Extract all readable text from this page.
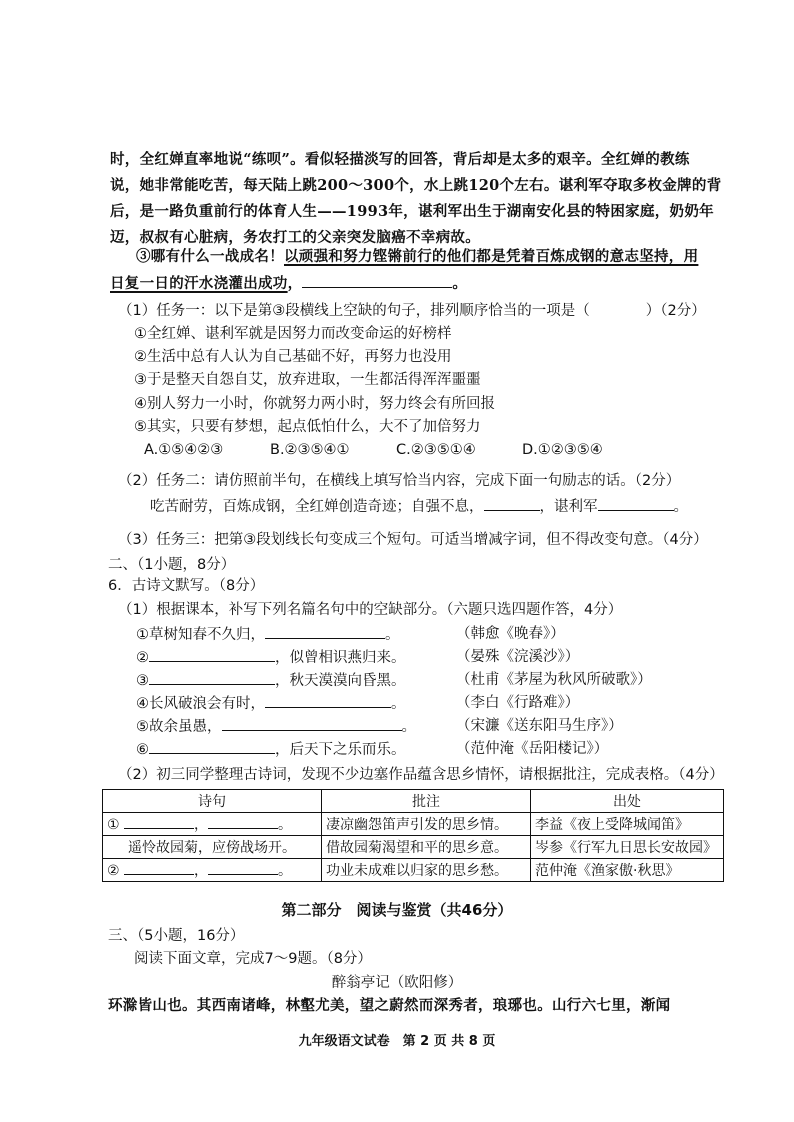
时，全红婵直率地说“练呗”。看似轻描淡写的回答，背后却是太多的艰辛。全红婵的教练
说，她非常能吃苦，每天陆上跳200～300个，水上跳120个左右。谌利军夺取多枚金牌的背
后，是一路负重前行的体育人生——1993年，谌利军出生于湖南安化县的特困家庭，奶奶年
迈，叔叔有心脏病，务农打工的父亲突发脑癌不幸病故。
③哪有什么一战成名！以顽强和努力铿锵前行的他们都是凭着百炼成钢的意志坚持，用
日复一日的汗水浇灌出成功，	。
（1）任务一：以下是第③段横线上空缺的句子，排列顺序恰当的一项是（	）（2分）
①全红婵、谌利军就是因努力而改变命运的好榜样
②生活中总有人认为自己基础不好，再努力也没用
③于是整天自怨自艾，放弃进取，一生都活得浑浑噩噩
④别人努力一小时，你就努力两小时，努力终会有所回报
⑤其实，只要有梦想，起点低怕什么，大不了加倍努力
A.①⑤④②③	B.②③⑤④①	C.②③⑤①④	D.①②③⑤④
（2）任务二：请仿照前半句，在横线上填写恰当内容，完成下面一句励志的话。（2分）
吃苦耐劳，百炼成钢，全红婵创造奇迹；自强不息，	，谌利军	。
（3）任务三：把第③段划线长句变成三个短句。可适当增减字词，但不得改变句意。（4分）
二、（1小题，8分）
6．古诗文默写。（8分）
（1）根据课本，补写下列名篇名句中的空缺部分。（六题只选四题作答，4分）
①草树知春不久归，	。	（韩愈《晚春》）
②	，似曾相识燕归来。	（晏殊《浣溪沙》）
③	，秋天漠漠向昏黑。	（杜甫《茅屋为秋风所破歌》）
④长风破浪会有时，	。	（李白《行路难》）
⑤故余虽愚，	。	（宋濂《送东阳马生序》）
⑥	，后天下之乐而乐。	（范仲淹《岳阳楼记》）
（2）初三同学整理古诗词，发现不少边塞作品蕴含思乡情怀，请根据批注，完成表格。（4分）
诗句	批注	出处
① ， 。	凄凉幽怨笛声引发的思乡情。	李益《夜上受降城闻笛》
遥怜故园菊，应傍战场开。	借故园菊渴望和平的思乡意。	岑参《行军九日思长安故园》
② ， 。	功业未成难以归家的思乡愁。	范仲淹《渔家傲·秋思》
第二部分　阅读与鉴赏（共46分）
三、（5小题，16分）
阅读下面文章，完成7～9题。（8分）
醉翁亭记（欧阳修）
环滁皆山也。其西南诸峰，林壑尤美，望之蔚然而深秀者，琅琊也。山行六七里，渐闻
九年级语文试卷　第 2 页 共 8 页
